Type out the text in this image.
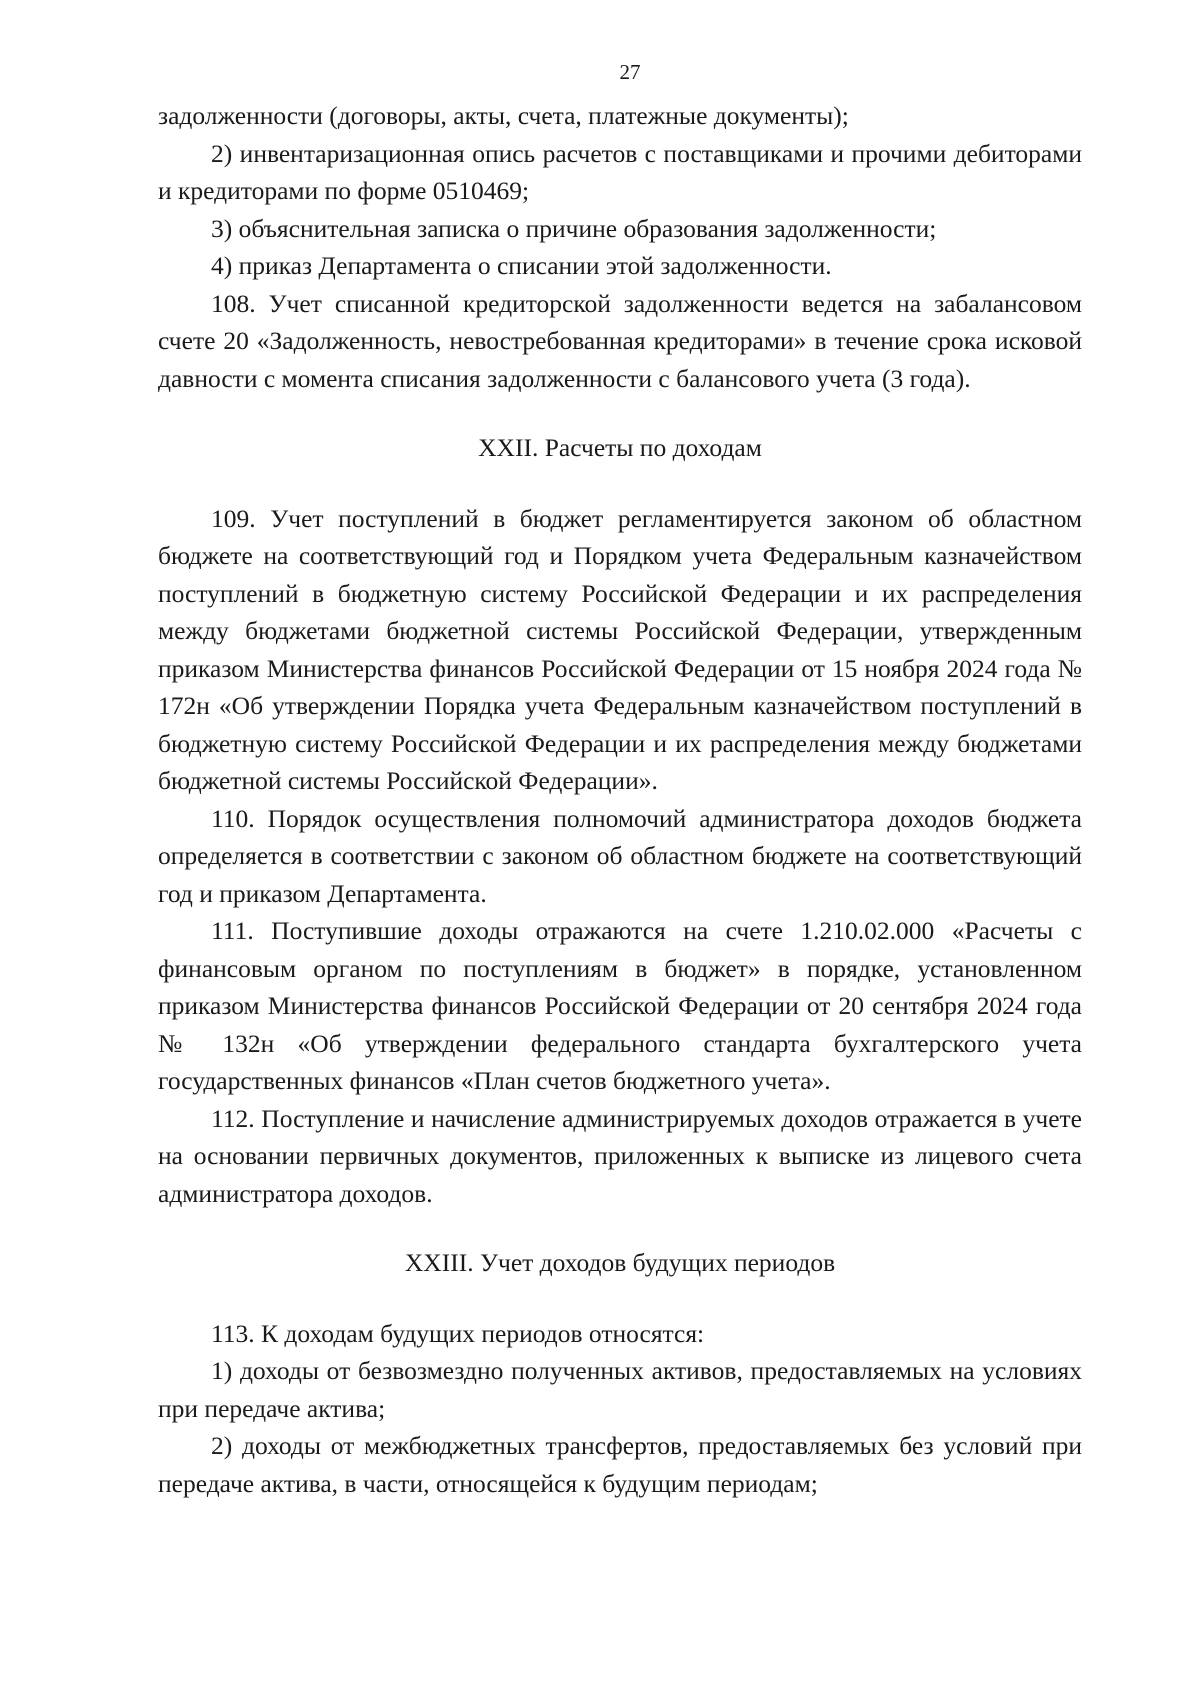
27

задолженности (договоры, акты, счета, платежные документы);

2) инвентаризационная опись расчетов с поставщиками и прочими дебиторами и кредиторами по форме 0510469;

3) объяснительная записка о причине образования задолженности;

4) приказ Департамента о списании этой задолженности.

108. Учет списанной кредиторской задолженности ведется на забалансовом счете 20 «Задолженность, невостребованная кредиторами» в течение срока исковой давности с момента списания задолженности с балансового учета (3 года).

XXII. Расчеты по доходам

109. Учет поступлений в бюджет регламентируется законом об областном бюджете на соответствующий год и Порядком учета Федеральным казначейством поступлений в бюджетную систему Российской Федерации и их распределения между бюджетами бюджетной системы Российской Федерации, утвержденным приказом Министерства финансов Российской Федерации от 15 ноября 2024 года № 172н «Об утверждении Порядка учета Федеральным казначейством поступлений в бюджетную систему Российской Федерации и их распределения между бюджетами бюджетной системы Российской Федерации».

110. Порядок осуществления полномочий администратора доходов бюджета определяется в соответствии с законом об областном бюджете на соответствующий год и приказом Департамента.

111. Поступившие доходы отражаются на счете 1.210.02.000 «Расчеты с финансовым органом по поступлениям в бюджет» в порядке, установленном приказом Министерства финансов Российской Федерации от 20 сентября 2024 года № 132н «Об утверждении федерального стандарта бухгалтерского учета государственных финансов «План счетов бюджетного учета».

112. Поступление и начисление администрируемых доходов отражается в учете на основании первичных документов, приложенных к выписке из лицевого счета администратора доходов.

XXIII. Учет доходов будущих периодов

113. К доходам будущих периодов относятся:

1) доходы от безвозмездно полученных активов, предоставляемых на условиях при передаче актива;

2) доходы от межбюджетных трансфертов, предоставляемых без условий при передаче актива, в части, относящейся к будущим периодам;
